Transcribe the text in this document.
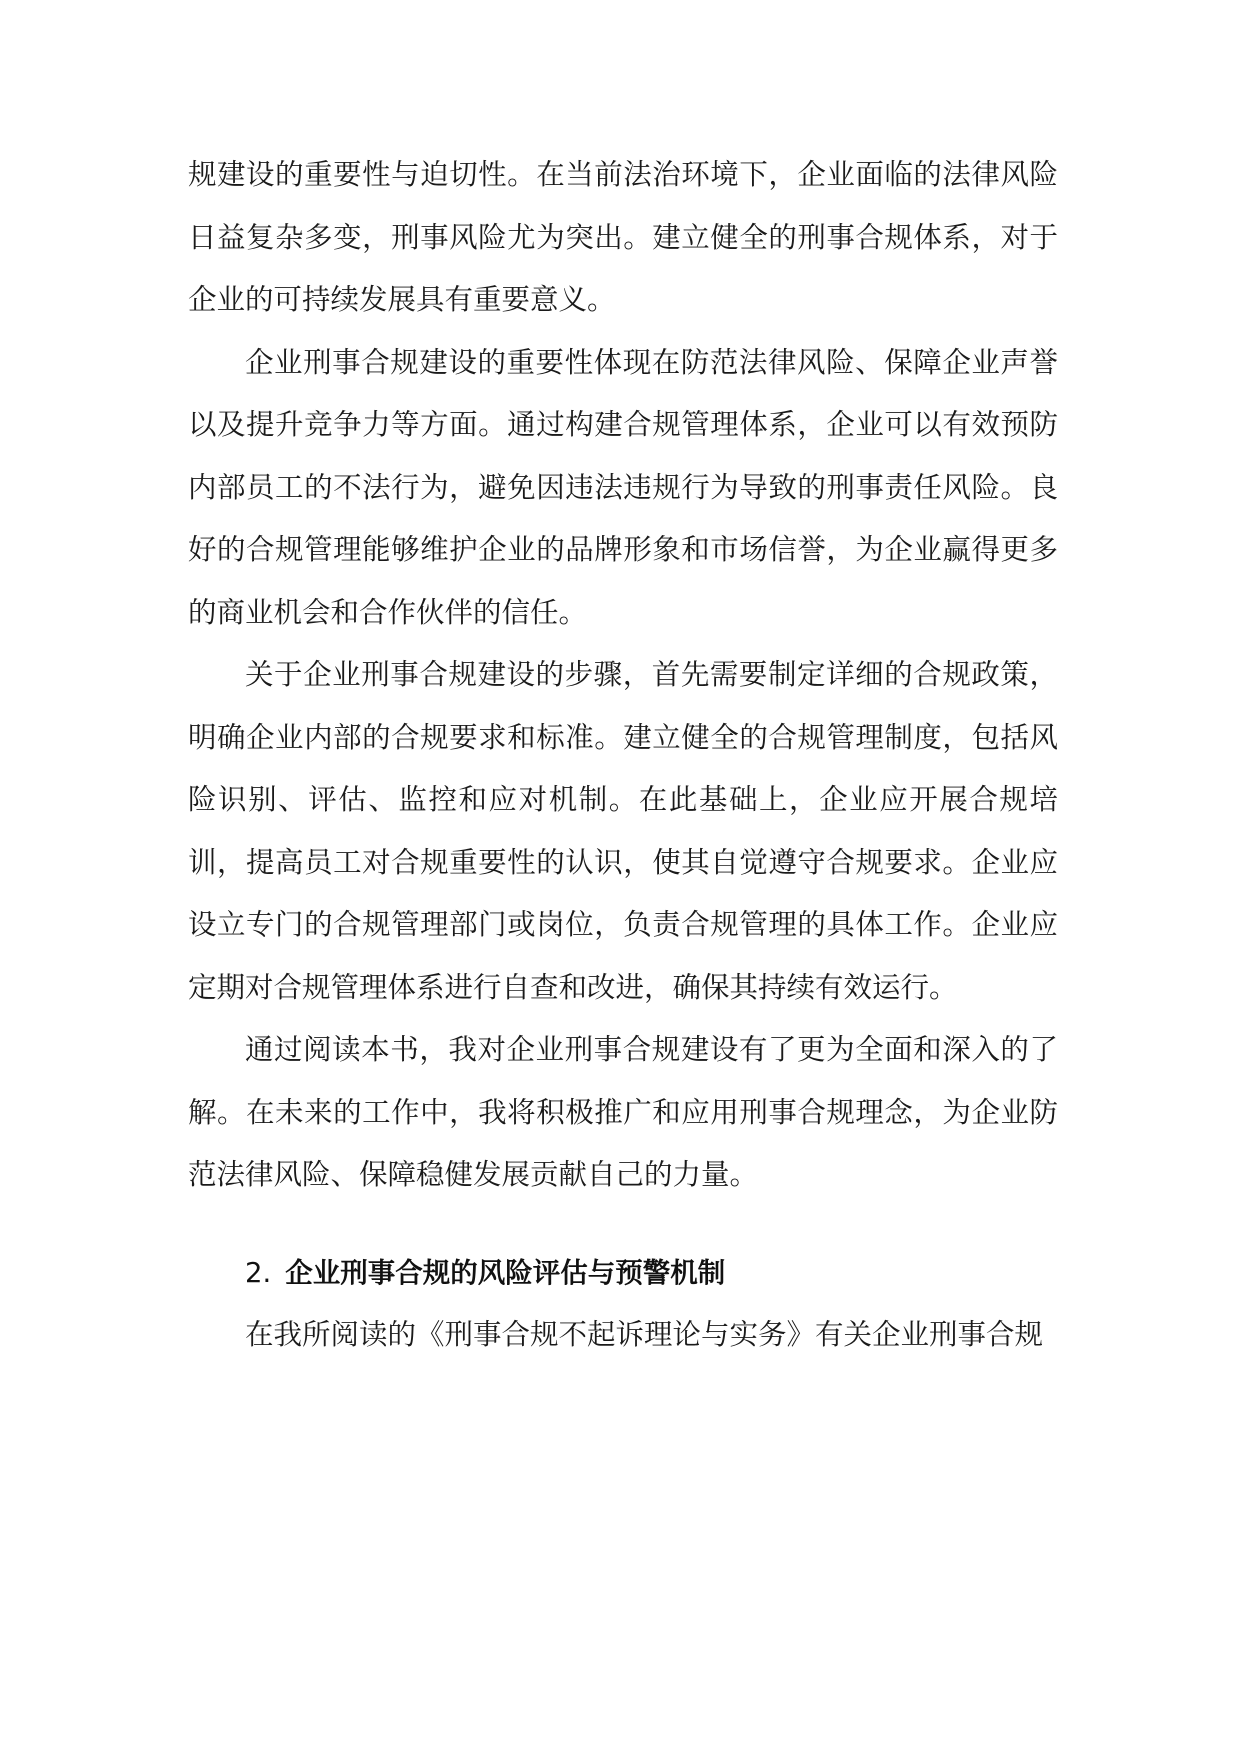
规建设的重要性与迫切性。在当前法治环境下，企业面临的法律风险日益复杂多变，刑事风险尤为突出。建立健全的刑事合规体系，对于企业的可持续发展具有重要意义。

企业刑事合规建设的重要性体现在防范法律风险、保障企业声誉以及提升竞争力等方面。通过构建合规管理体系，企业可以有效预防内部员工的不法行为，避免因违法违规行为导致的刑事责任风险。良好的合规管理能够维护企业的品牌形象和市场信誉，为企业赢得更多的商业机会和合作伙伴的信任。

关于企业刑事合规建设的步骤，首先需要制定详细的合规政策，明确企业内部的合规要求和标准。建立健全的合规管理制度，包括风险识别、评估、监控和应对机制。在此基础上，企业应开展合规培训，提高员工对合规重要性的认识，使其自觉遵守合规要求。企业应设立专门的合规管理部门或岗位，负责合规管理的具体工作。企业应定期对合规管理体系进行自查和改进，确保其持续有效运行。

通过阅读本书，我对企业刑事合规建设有了更为全面和深入的了解。在未来的工作中，我将积极推广和应用刑事合规理念，为企业防范法律风险、保障稳健发展贡献自己的力量。

2. 企业刑事合规的风险评估与预警机制

在我所阅读的《刑事合规不起诉理论与实务》有关企业刑事合规
